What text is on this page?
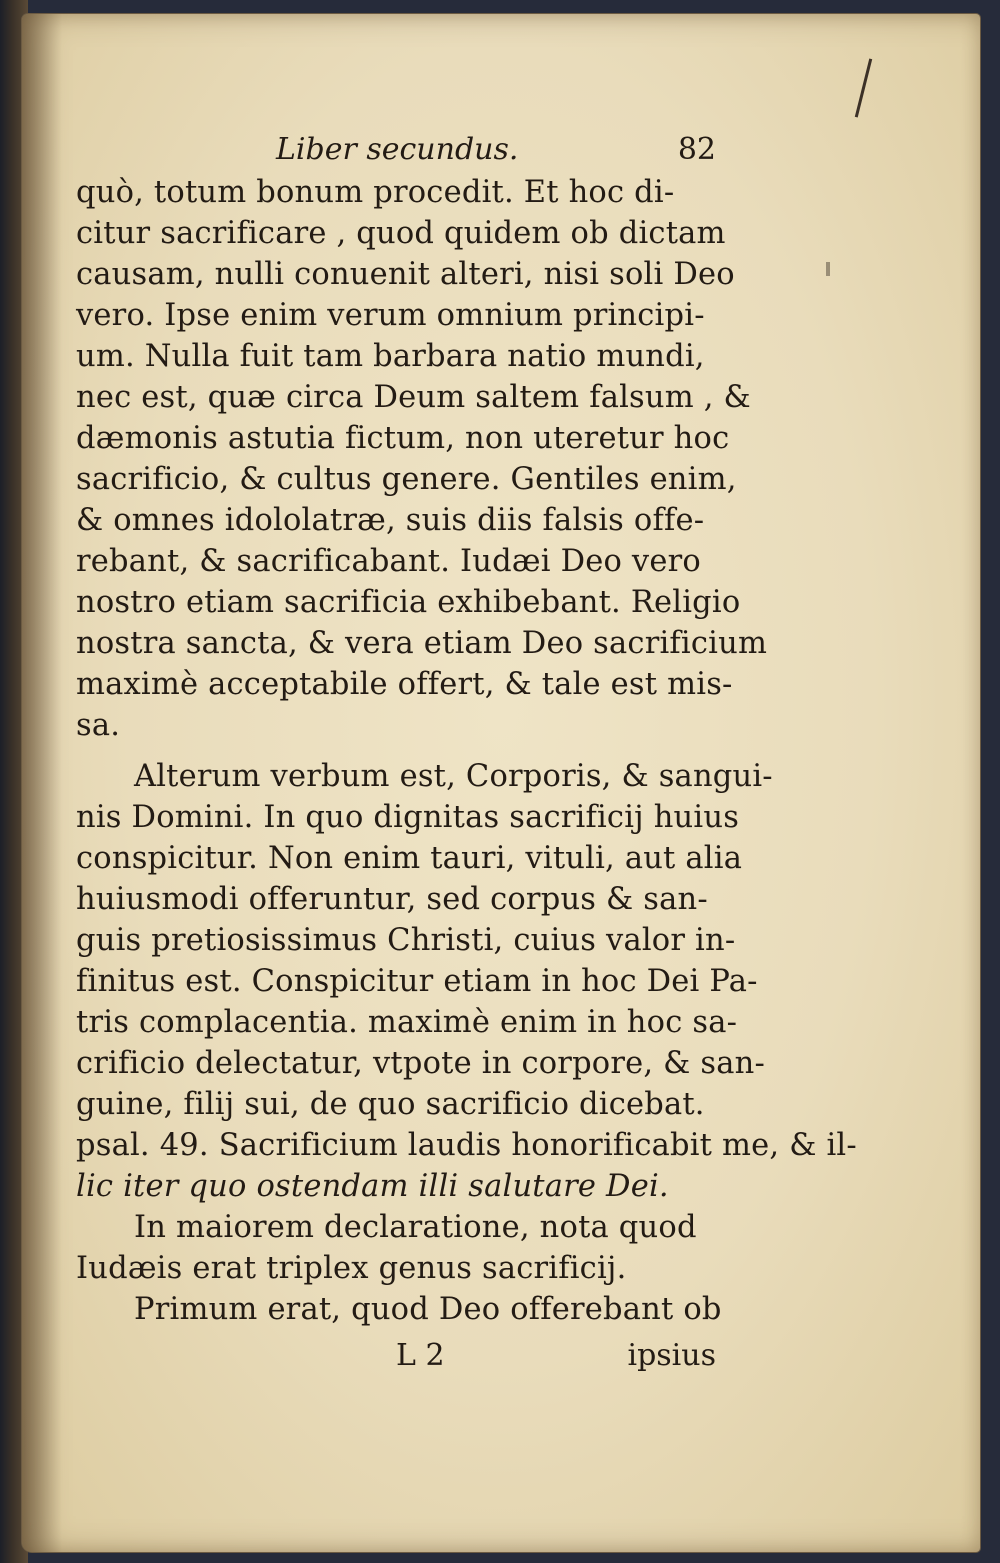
Liber secundus.	82
quò, totum bonum procedit. Et hoc di-
citur sacrificare , quod quidem ob dictam
causam, nulli conuenit alteri, nisi soli Deo
vero. Ipse enim verum omnium principi-
um. Nulla fuit tam barbara natio mundi,
nec est, quæ circa Deum saltem falsum , &
dæmonis astutia fictum, non uteretur hoc
sacrificio, & cultus genere. Gentiles enim,
& omnes idololatræ, suis diis falsis offe-
rebant, & sacrificabant. Iudæi Deo vero
nostro etiam sacrificia exhibebant. Religio
nostra sancta, & vera etiam Deo sacrificium
maximè acceptabile offert, & tale est mis-
sa.
Alterum verbum est, Corporis, & sangui-
nis Domini. In quo dignitas sacrificij huius
conspicitur. Non enim tauri, vituli, aut alia
huiusmodi offeruntur, sed corpus & san-
guis pretiosissimus Christi, cuius valor in-
finitus est. Conspicitur etiam in hoc Dei Pa-
tris complacentia. maximè enim in hoc sa-
crificio delectatur, vtpote in corpore, & san-
guine, filij sui, de quo sacrificio dicebat.
psal. 49. Sacrificium laudis honorificabit me, & il-
lic iter quo ostendam illi salutare Dei.
In maiorem declaratione, nota quod
Iudæis erat triplex genus sacrificij.
Primum erat, quod Deo offerebant ob
L 2	ipsius
